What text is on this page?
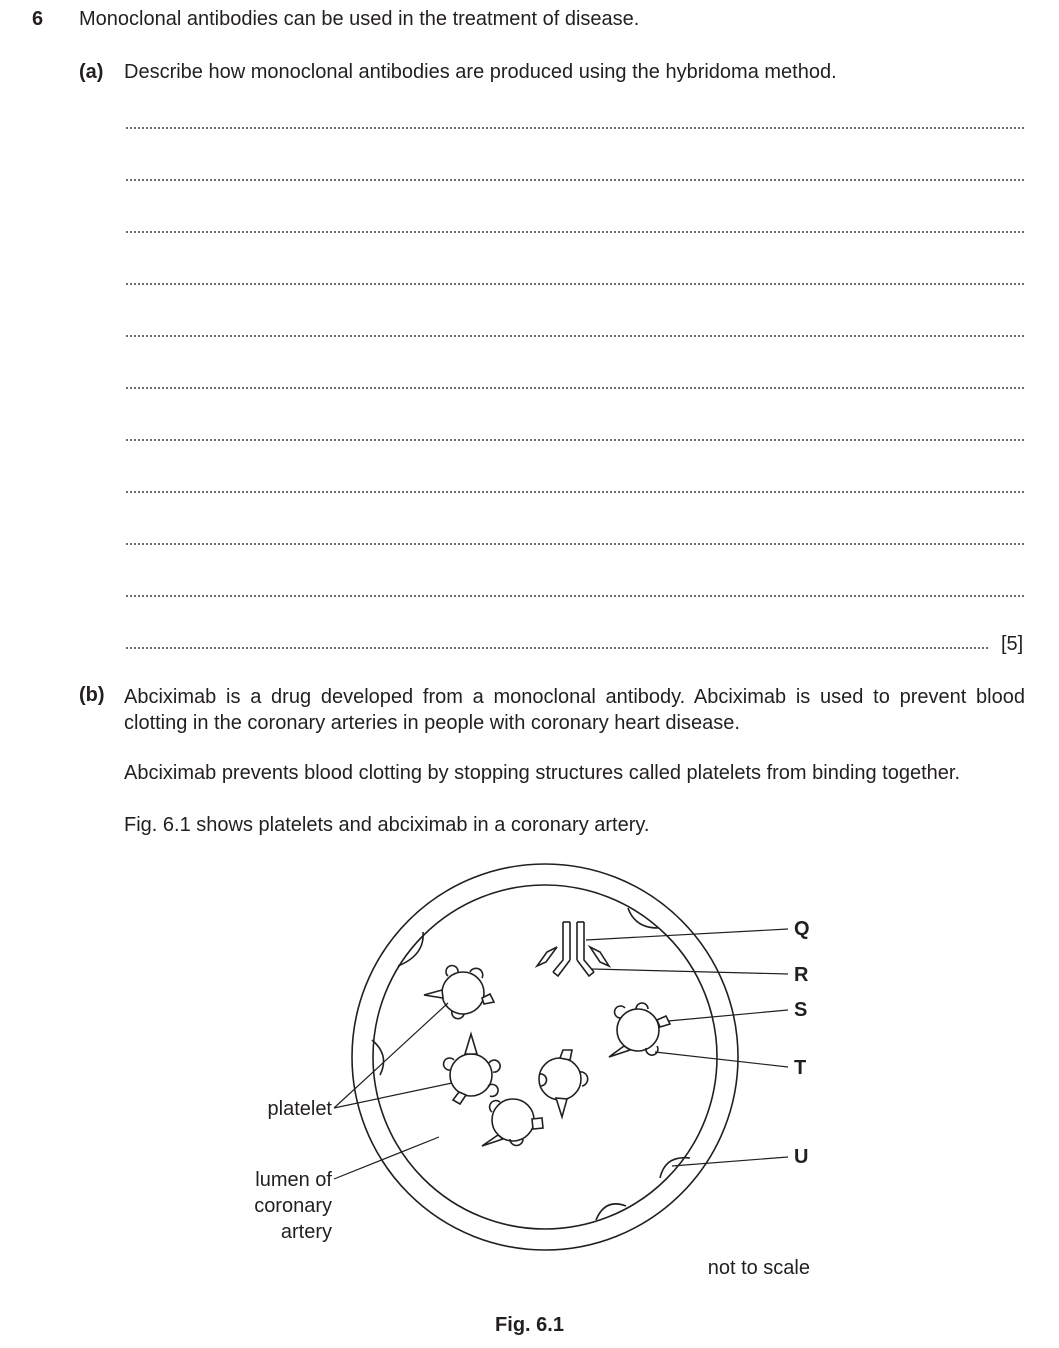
6 Monoclonal antibodies can be used in the treatment of disease.
(a) Describe how monoclonal antibodies are produced using the hybridoma method.
[5]
(b) Abciximab is a drug developed from a monoclonal antibody. Abciximab is used to prevent blood clotting in the coronary arteries in people with coronary heart disease.
Abciximab prevents blood clotting by stopping structures called platelets from binding together.
Fig. 6.1 shows platelets and abciximab in a coronary artery.
Q
R
S
T
U
platelet
lumen of
coronary
artery
not to scale
Fig. 6.1
